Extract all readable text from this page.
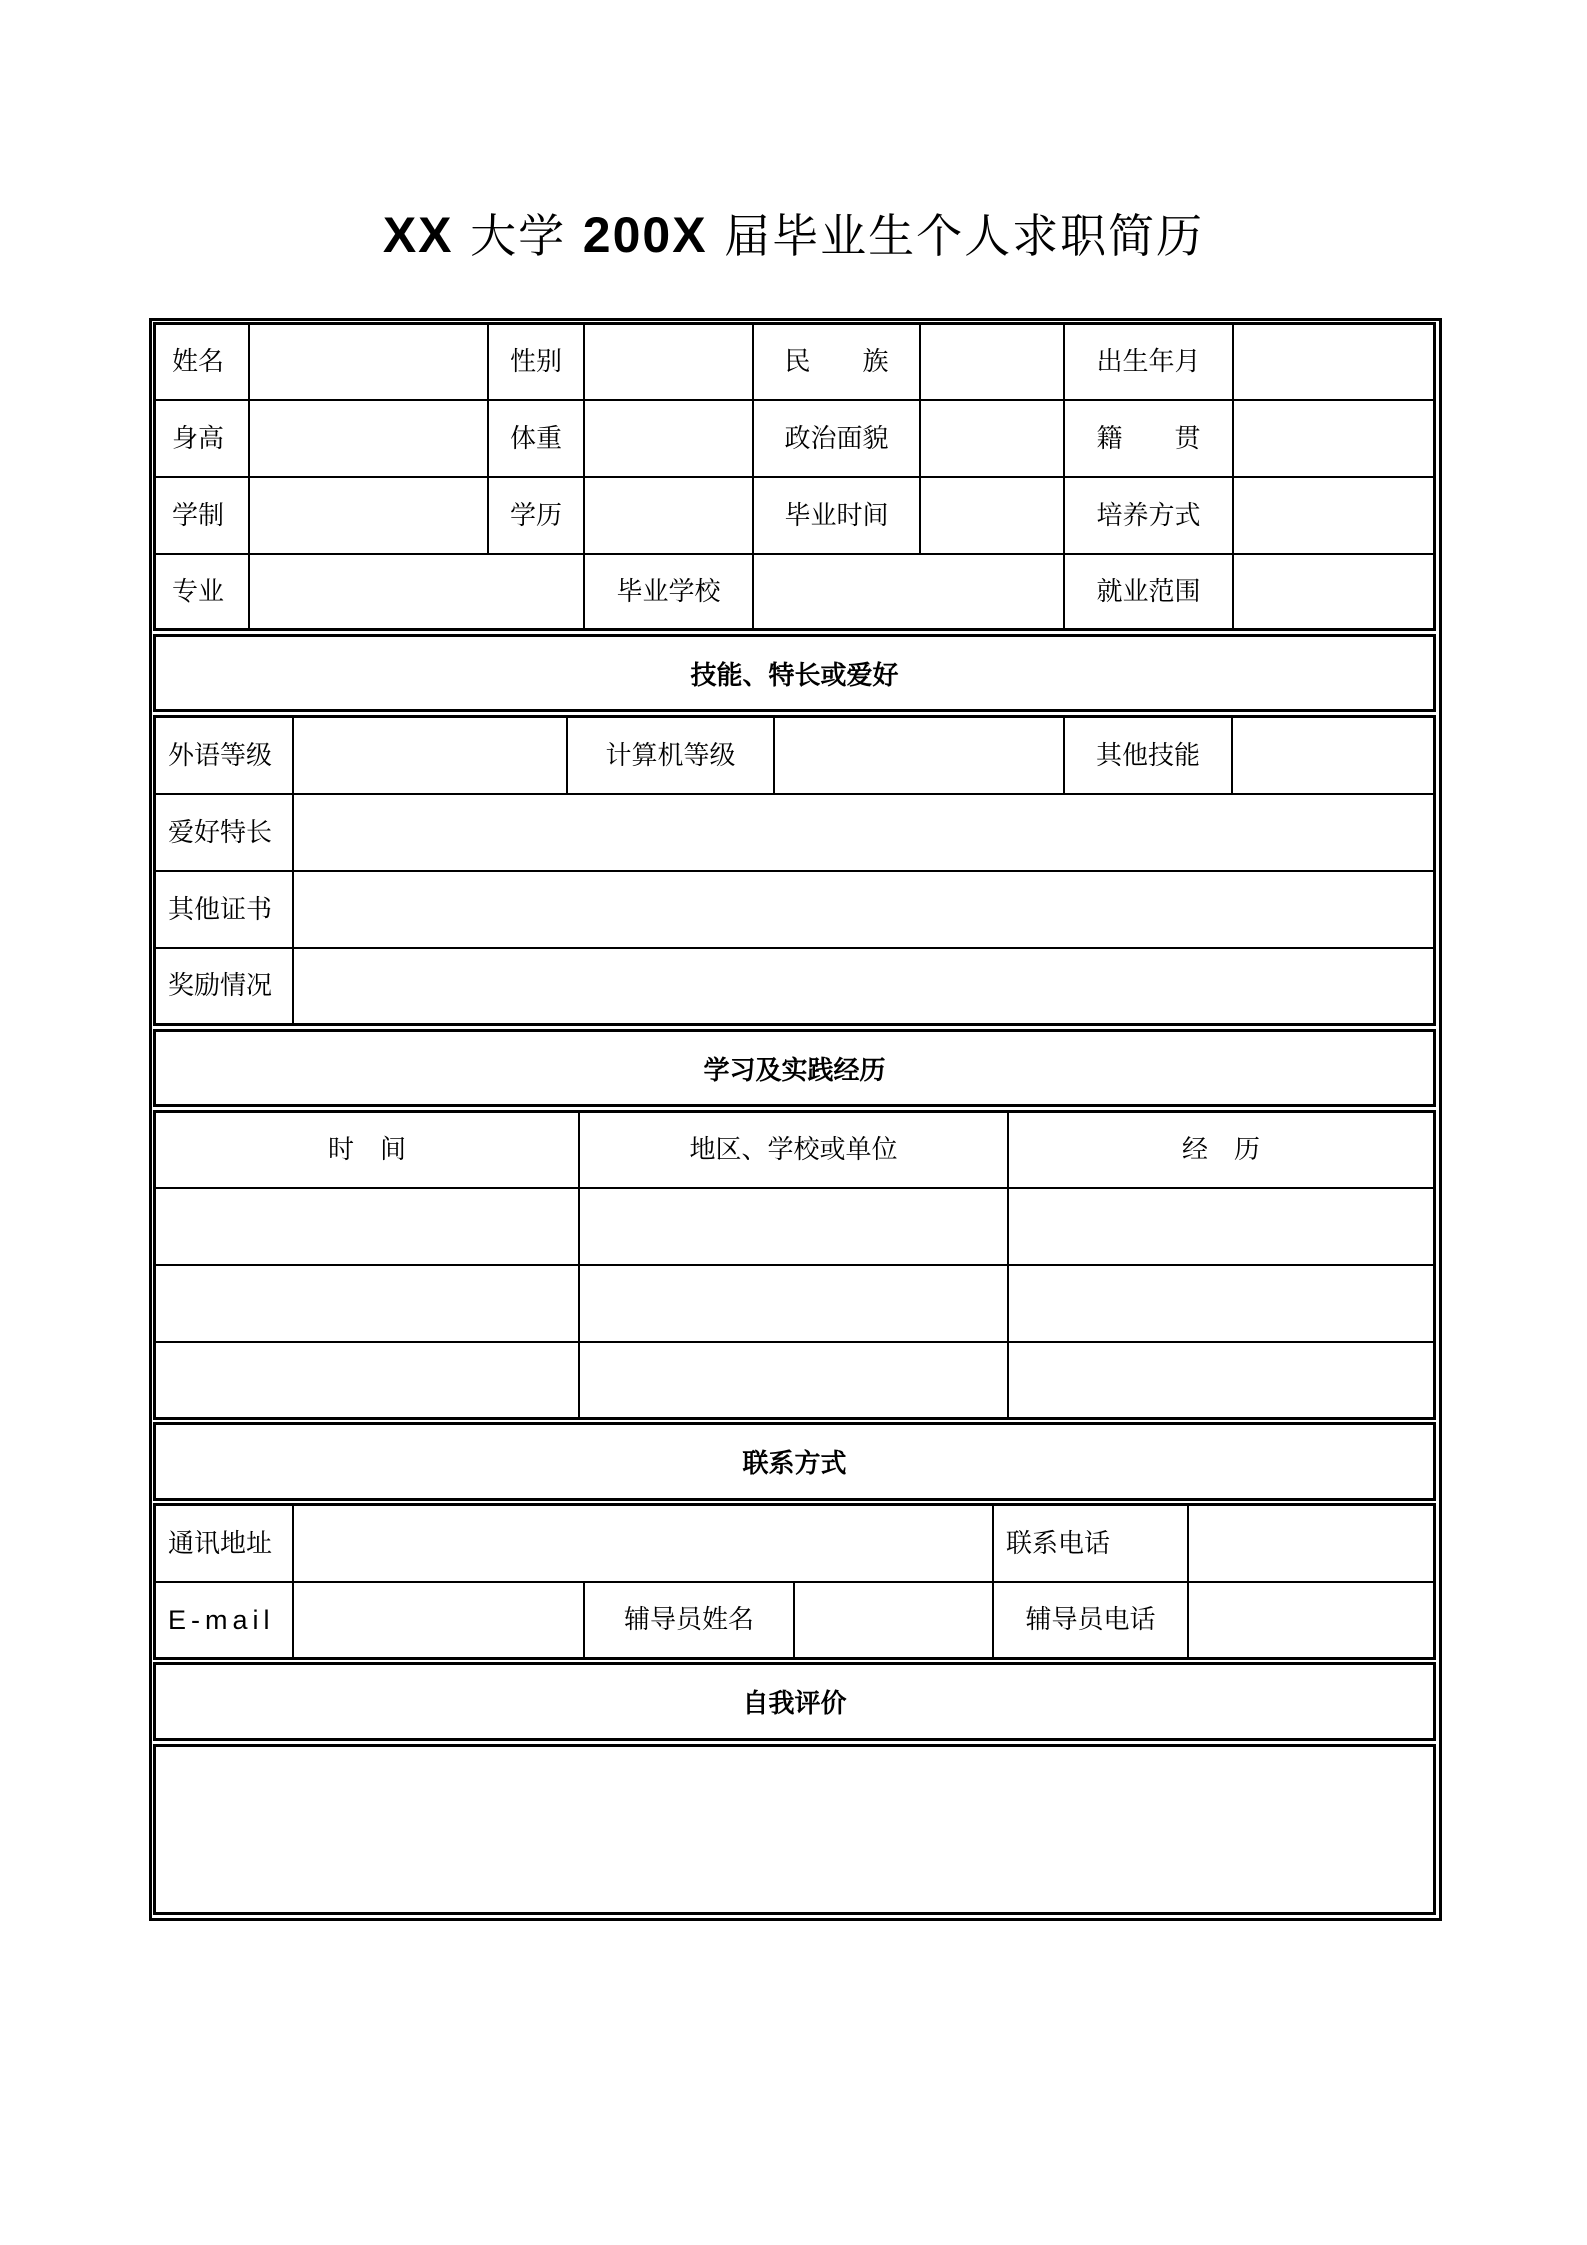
XX 大学 200X 届毕业生个人求职简历
姓名	性别	民　　族	出生年月
身高	体重	政治面貌	籍　　贯
学制	学历	毕业时间	培养方式
专业	毕业学校	就业范围
技能、特长或爱好
外语等级	计算机等级	其他技能
爱好特长
其他证书
奖励情况
学习及实践经历
时　间	地区、学校或单位	经　历
联系方式
通讯地址	联系电话
E-mail	辅导员姓名	辅导员电话
自我评价
